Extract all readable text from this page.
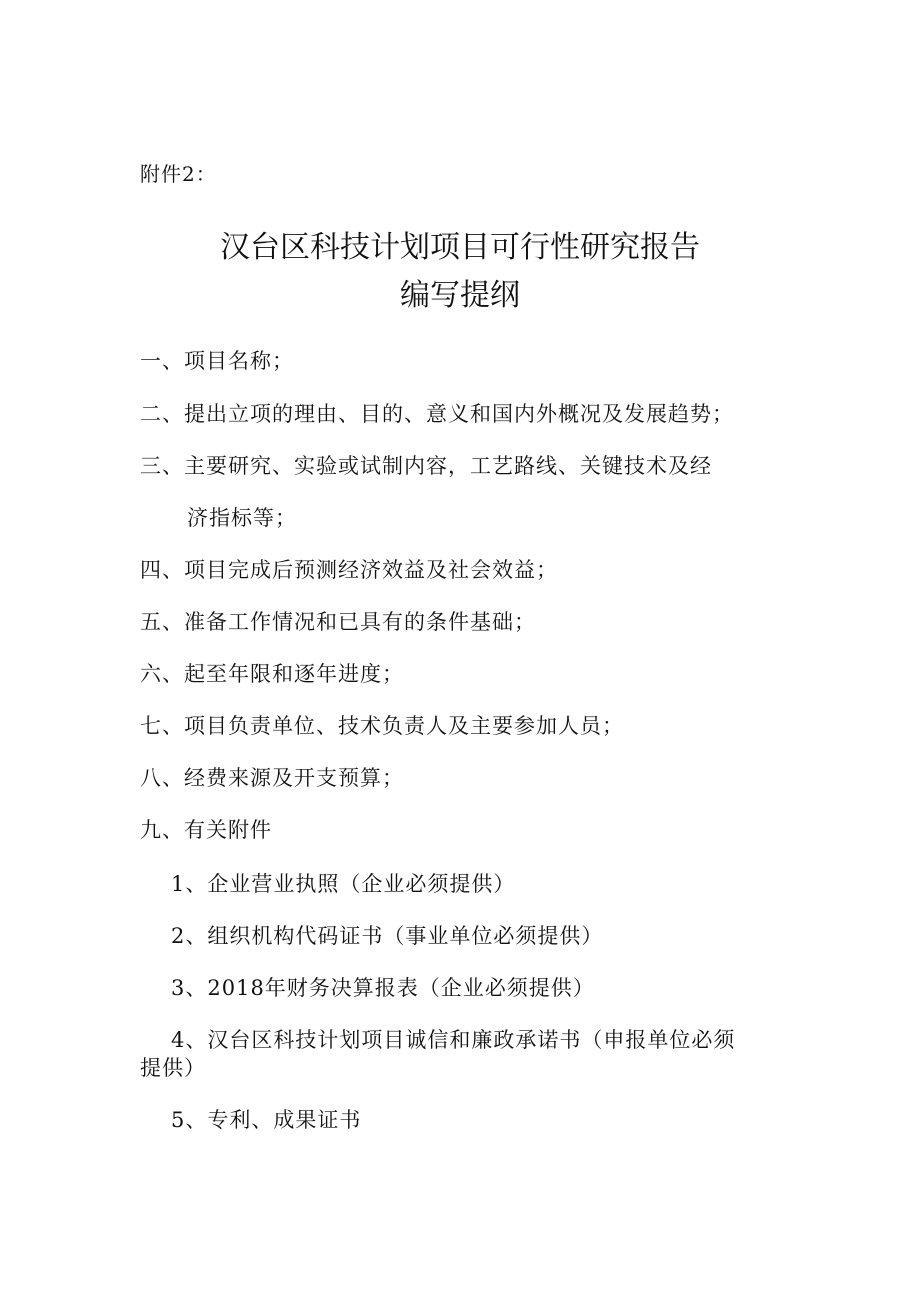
附件2：
汉台区科技计划项目可行性研究报告
编写提纲
一、项目名称；
二、提出立项的理由、目的、意义和国内外概况及发展趋势；
三、主要研究、实验或试制内容，工艺路线、关键技术及经
济指标等；
四、项目完成后预测经济效益及社会效益；
五、准备工作情况和已具有的条件基础；
六、起至年限和逐年进度；
七、项目负责单位、技术负责人及主要参加人员；
八、经费来源及开支预算；
九、有关附件
1、企业营业执照（企业必须提供）
2、组织机构代码证书（事业单位必须提供）
3、2018年财务决算报表（企业必须提供）
4、汉台区科技计划项目诚信和廉政承诺书（申报单位必须
提供）
5、专利、成果证书
